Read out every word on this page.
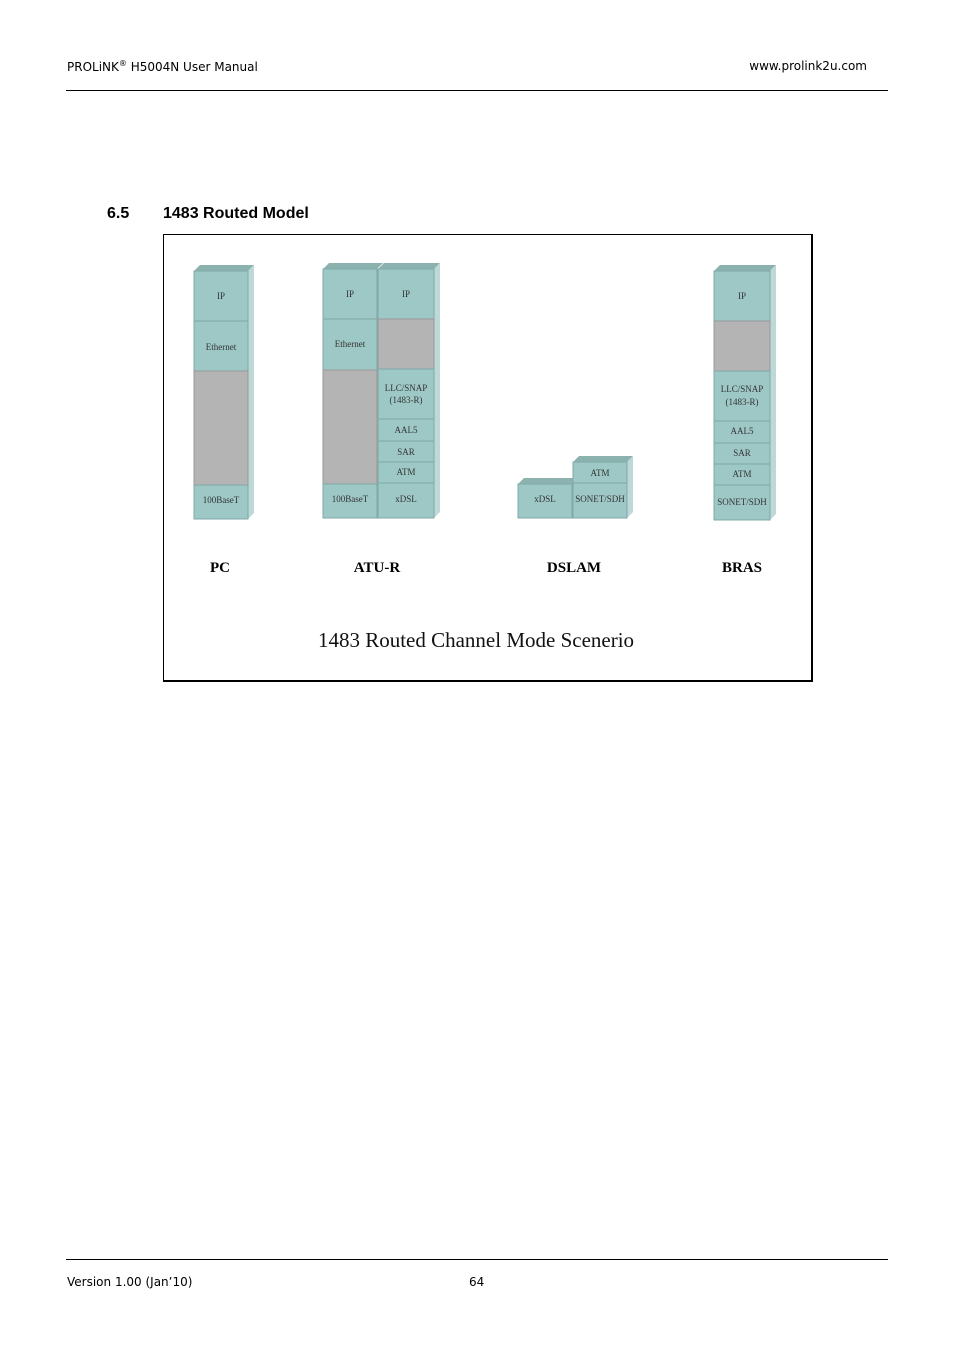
PROLiNK® H5004N User Manual	www.prolink2u.com
6.5 1483 Routed Model
IP
Ethernet
100BaseT
IP
Ethernet
100BaseT
IP
LLC/SNAP
(1483-R)
AAL5
SAR
ATM
xDSL	xDSL
ATM
SONET/SDH
IP
LLC/SNAP
(1483-R)
AAL5
SAR
ATM
SONET/SDH
PC	ATU-R	DSLAM	BRAS
1483 Routed Channel Mode Scenerio
Version 1.00 (Jan’10)	64
